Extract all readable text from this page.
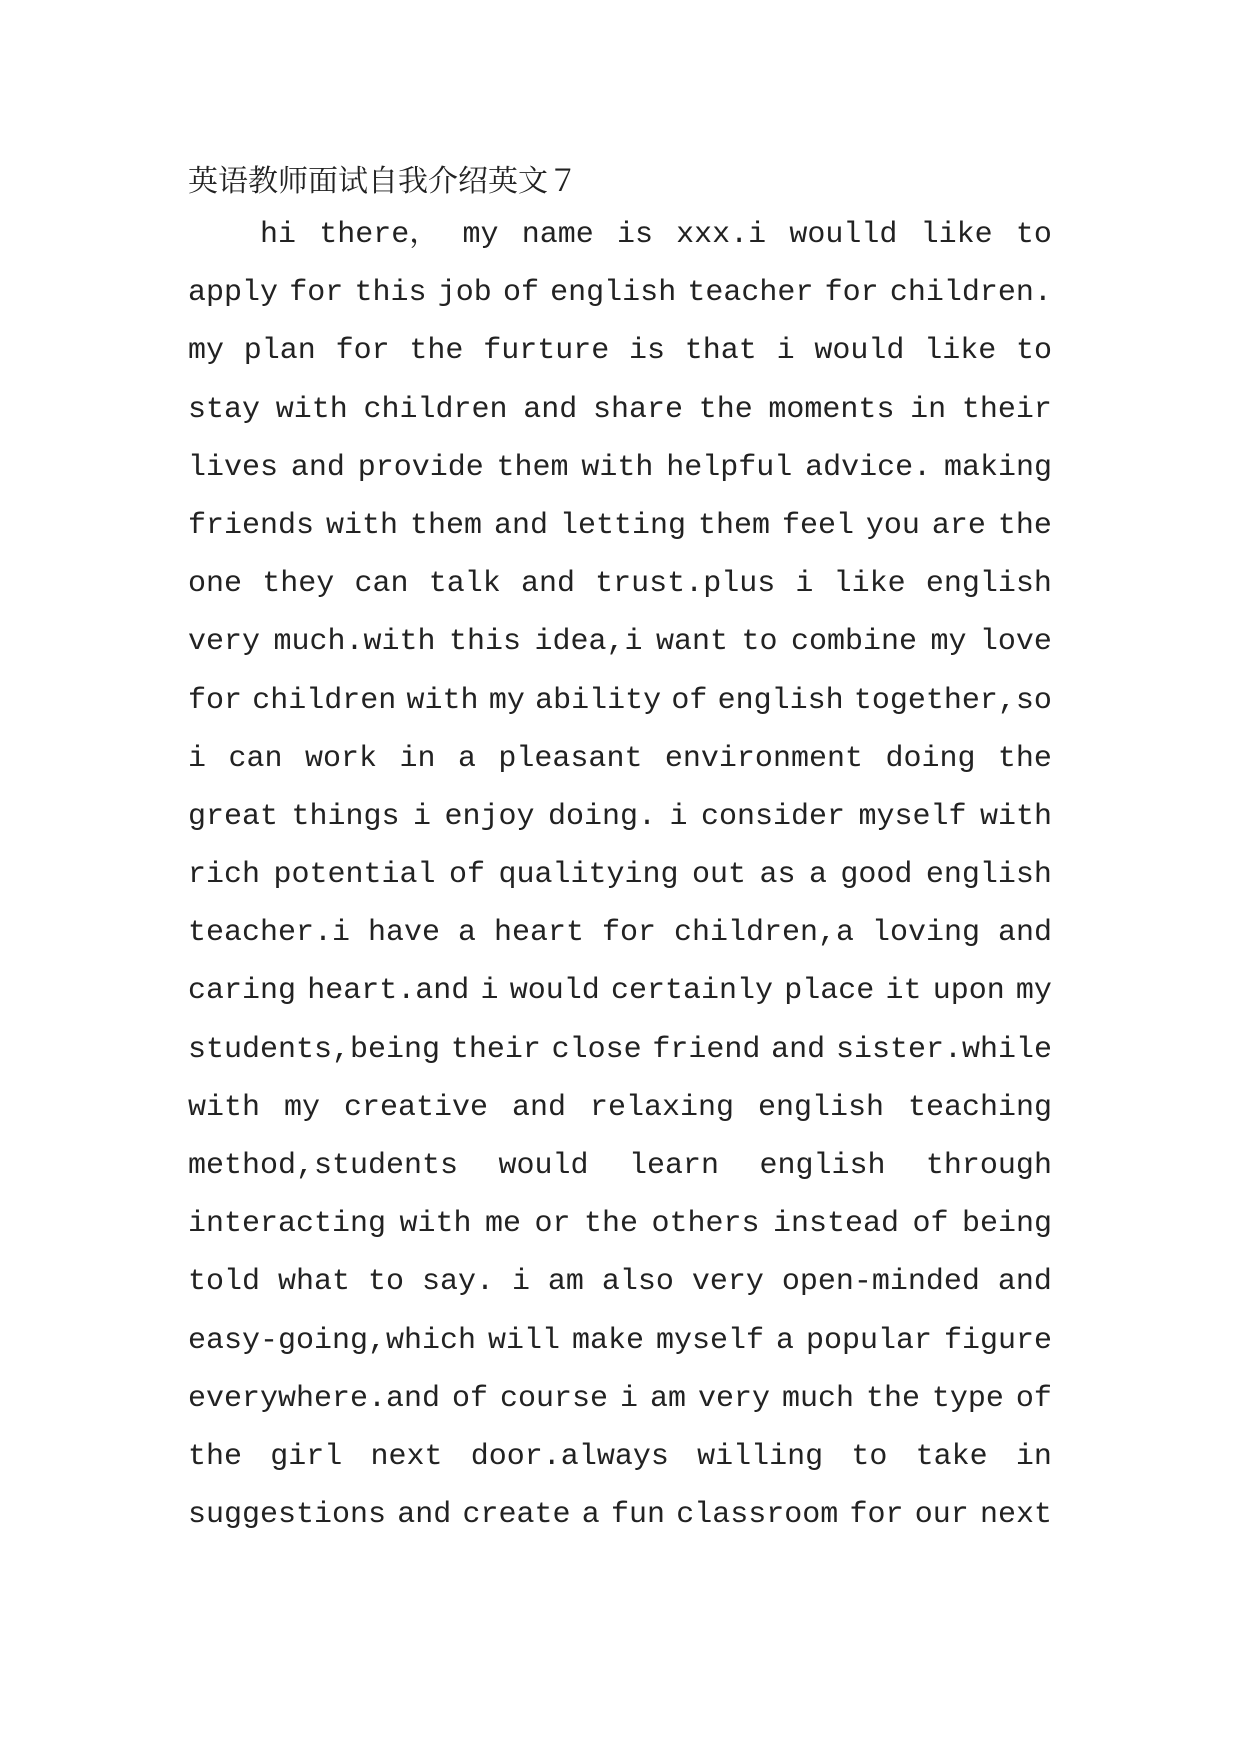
英语教师面试自我介绍英文７
hi there， my name is xxx.i woulld like to
apply for this job of english teacher for children.
my plan for the furture is that i would like to
stay with children and share the moments in their
lives and provide them with helpful advice. making
friends with them and letting them feel you are the
one they can talk and trust.plus i like english
very much.with this idea,i want to combine my love
for children with my ability of english together,so
i can work in a pleasant environment doing the
great things i enjoy doing. i consider myself with
rich potential of qualitying out as a good english
teacher.i have a heart for children,a loving and
caring heart.and i would certainly place it upon my
students,being their close friend and sister.while
with my creative and relaxing english teaching
method,students would learn english through
interacting with me or the others instead of being
told what to say. i am also very open-minded and
easy-going,which will make myself a popular figure
everywhere.and of course i am very much the type of
the girl next door.always willing to take in
suggestions and create a fun classroom for our next
